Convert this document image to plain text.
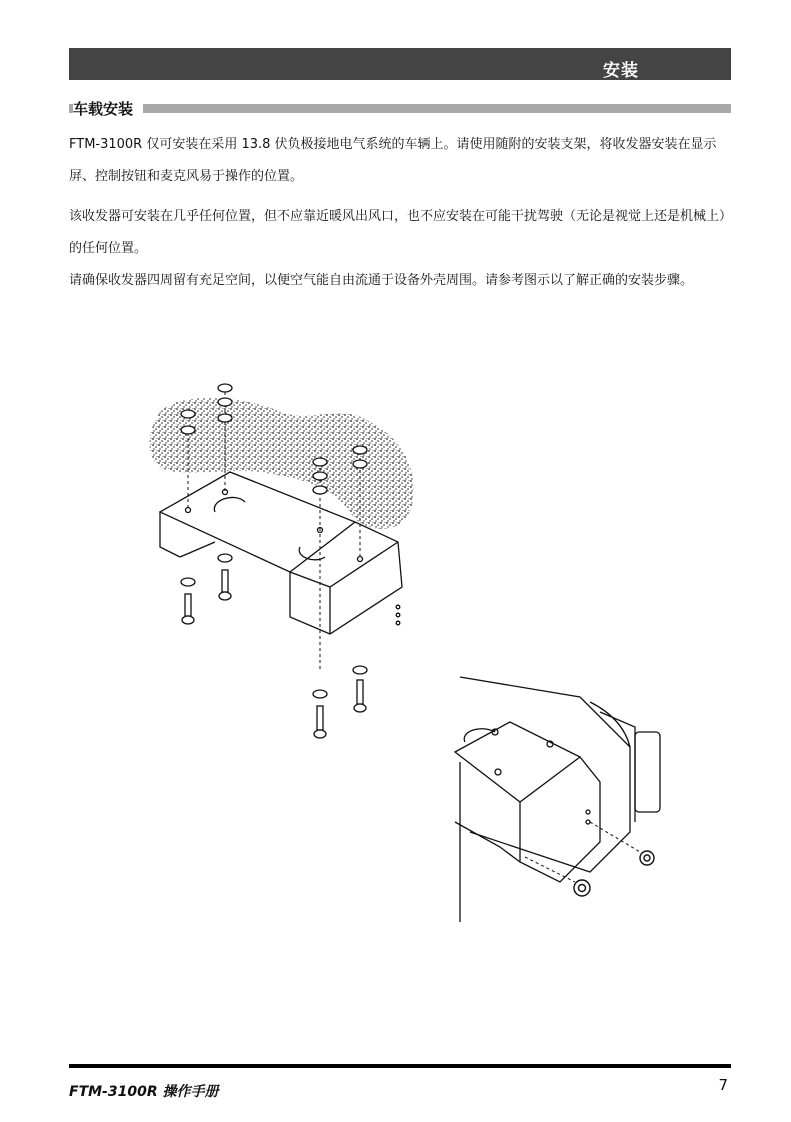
安装
车载安装

FTM-3100R 仅可安装在采用 13.8 伏负极接地电气系统的车辆上。请使用随附的安装支架，将收发器安装在显示屏、控制按钮和麦克风易于操作的位置。

该收发器可安装在几乎任何位置，但不应靠近暖风出风口，也不应安装在可能干扰驾驶（无论是视觉上还是机械上）的任何位置。

请确保收发器四周留有充足空间，以便空气能自由流通于设备外壳周围。请参考图示以了解正确的安装步骤。

FTM-3100R 操作手册	7
